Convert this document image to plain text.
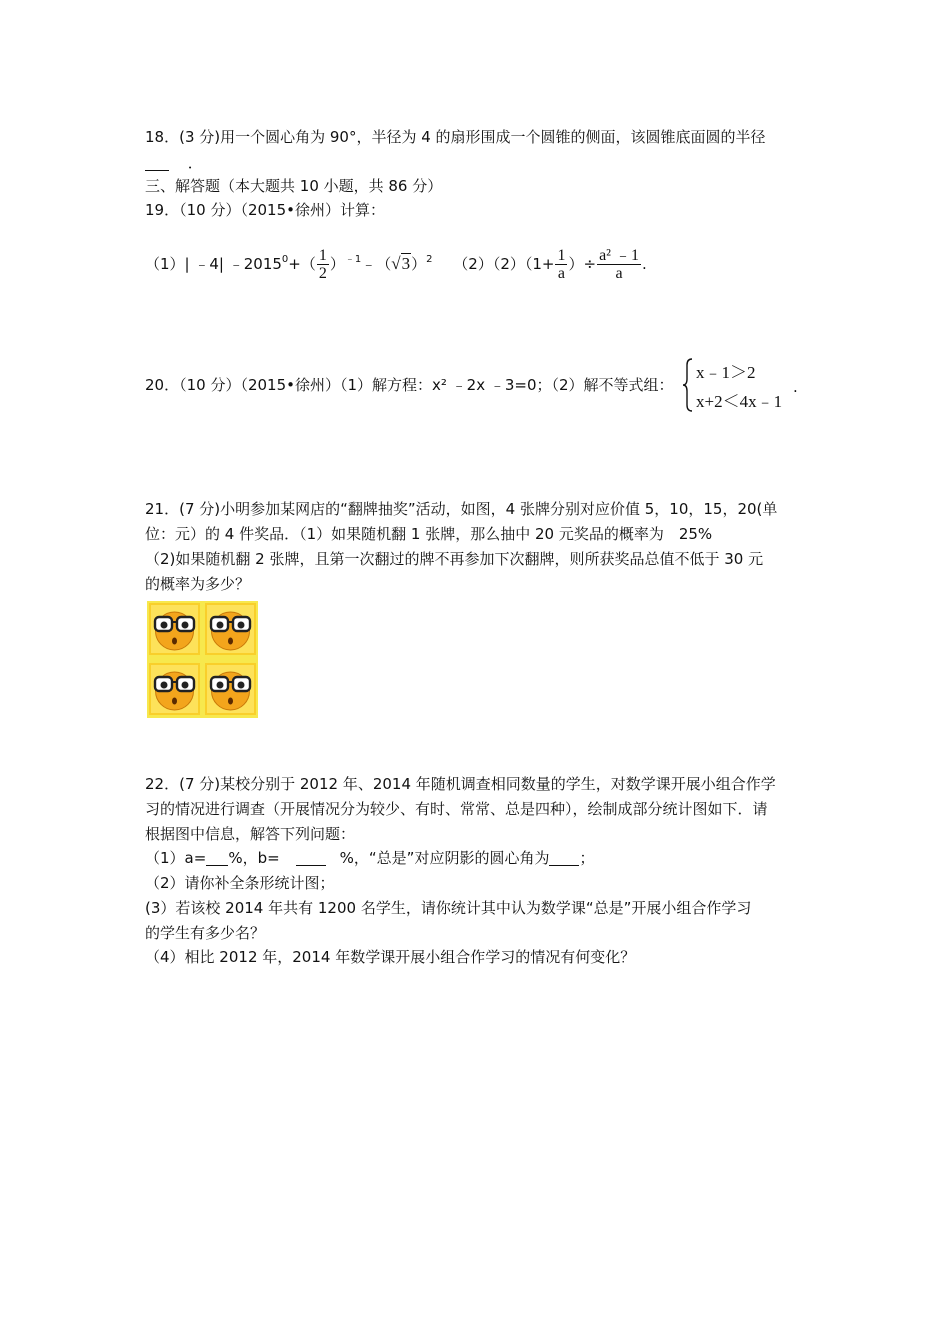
18．(3 分)用一个圆心角为 90°，半径为 4 的扇形围成一个圆锥的侧面，该圆锥底面圆的半径
．
三、解答题（本大题共 10 小题，共 86 分）
19．（10 分）（2015•徐州）计算：
（1）| ﹣4| $﹣2015^0+( \frac{1}{2}$ ）$^{﹣1}﹣(√3)^2$ $(2)(2)(1+ \frac{1}{a}$ ）÷ $\frac{\text{a² ﹣1}}{a}$ .
20．（10 分）（2015•徐州）（1）解方程：x² ﹣2x ﹣3=0；（2）解不等式组：
x﹣1＞2
x+2＜4x﹣1
.
21．(7 分)小明参加某网店的“翻牌抽奖”活动，如图，4 张牌分别对应价值 5，10，15，20(单
位：元）的 4 件奖品．（1）如果随机翻 1 张牌，那么抽中 20 元奖品的概率为　25%
（2)如果随机翻 2 张牌，且第一次翻过的牌不再参加下次翻牌，则所获奖品总值不低于 30 元
的概率为多少？
22．(7 分)某校分别于 2012 年、2014 年随机调查相同数量的学生，对数学课开展小组合作学
习的情况进行调查（开展情况分为较少、有时、常常、总是四种），绘制成部分统计图如下．请
根据图中信息，解答下列问题：
（1）a= %，b=	%，“总是”对应阴影的圆心角为 ；
（2）请你补全条形统计图；
(3）若该校 2014 年共有 1200 名学生，请你统计其中认为数学课“总是”开展小组合作学习
的学生有多少名？
（4）相比 2012 年，2014 年数学课开展小组合作学习的情况有何变化？
